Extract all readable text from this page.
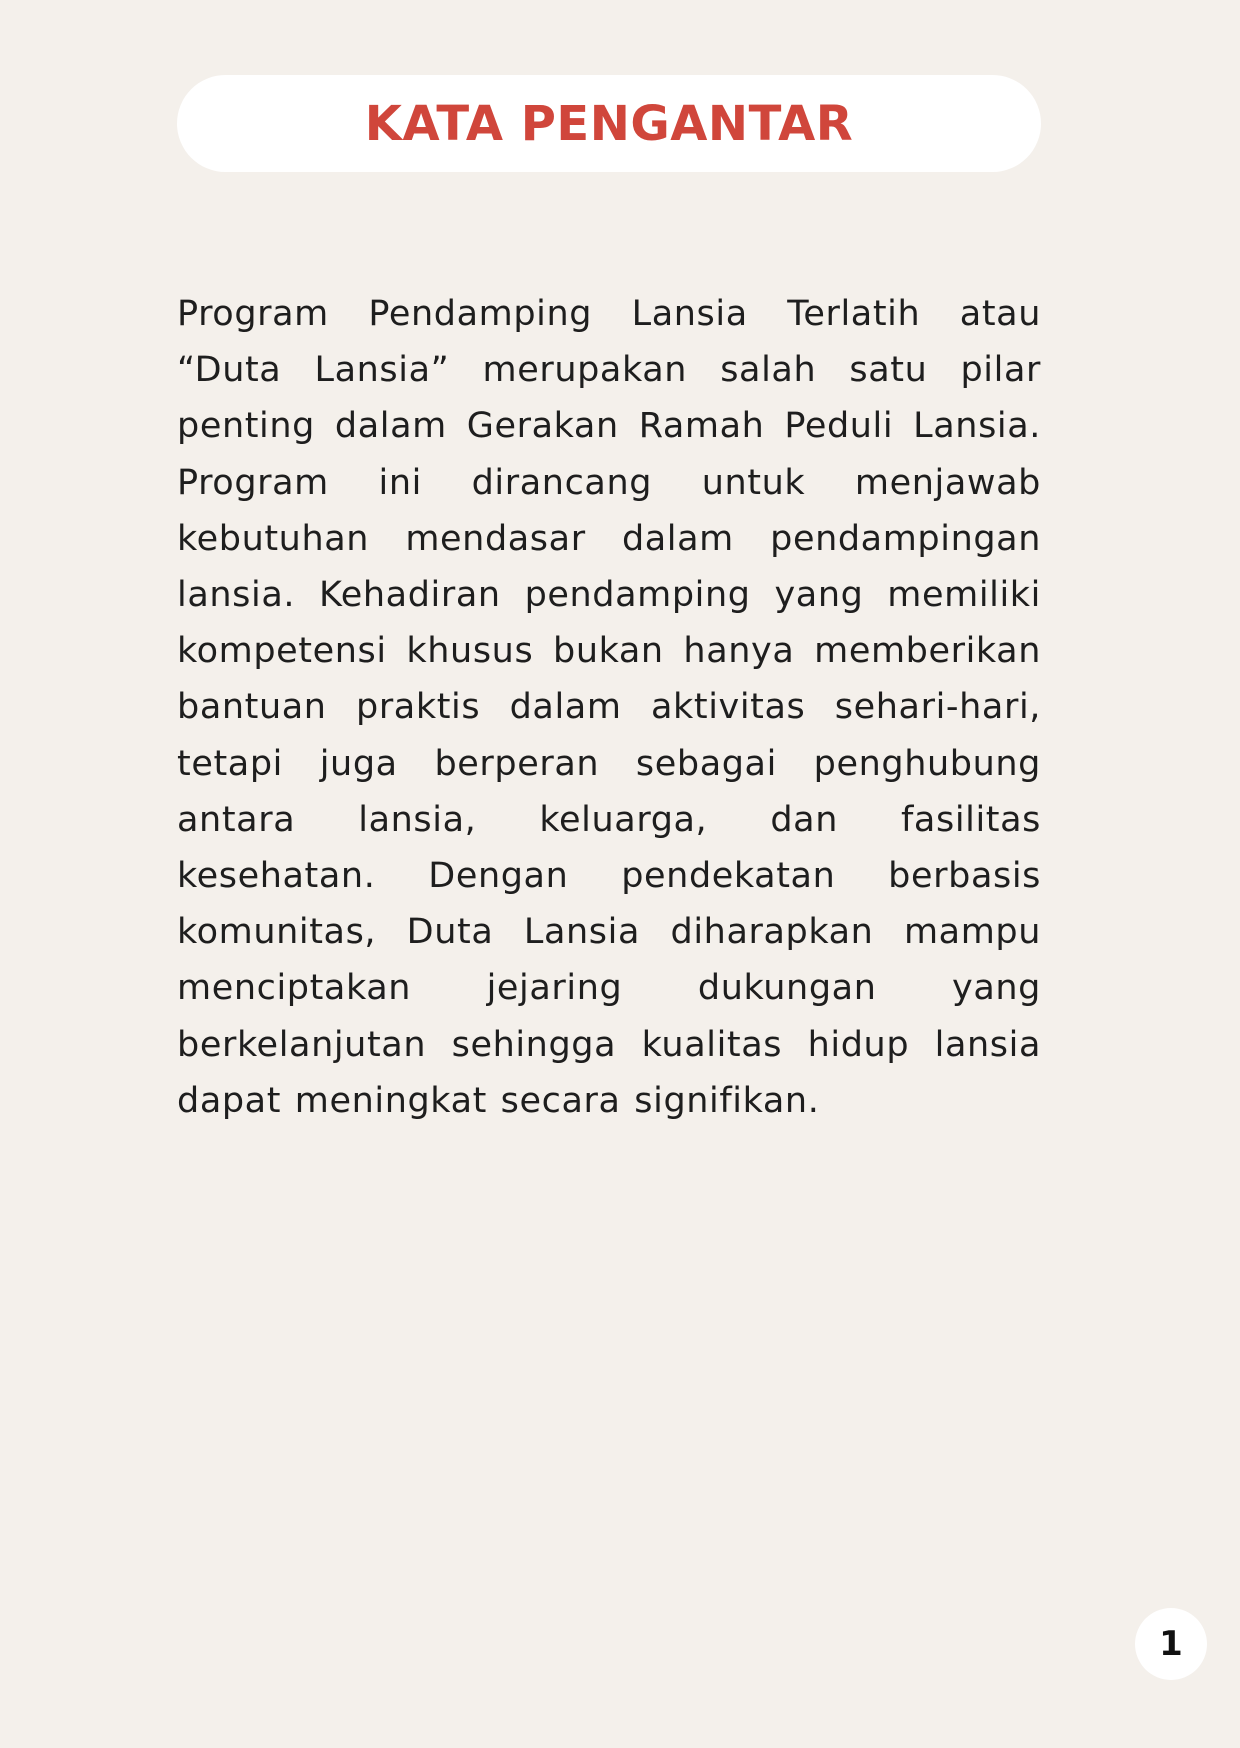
KATA PENGANTAR

Program Pendamping Lansia Terlatih atau “Duta Lansia” merupakan salah satu pilar penting dalam Gerakan Ramah Peduli Lansia. Program ini dirancang untuk menjawab kebutuhan mendasar dalam pendampingan lansia. Kehadiran pendamping yang memiliki kompetensi khusus bukan hanya memberikan bantuan praktis dalam aktivitas sehari-hari, tetapi juga berperan sebagai penghubung antara lansia, keluarga, dan fasilitas kesehatan. Dengan pendekatan berbasis komunitas, Duta Lansia diharapkan mampu menciptakan jejaring dukungan yang berkelanjutan sehingga kualitas hidup lansia dapat meningkat secara signifikan.

1
